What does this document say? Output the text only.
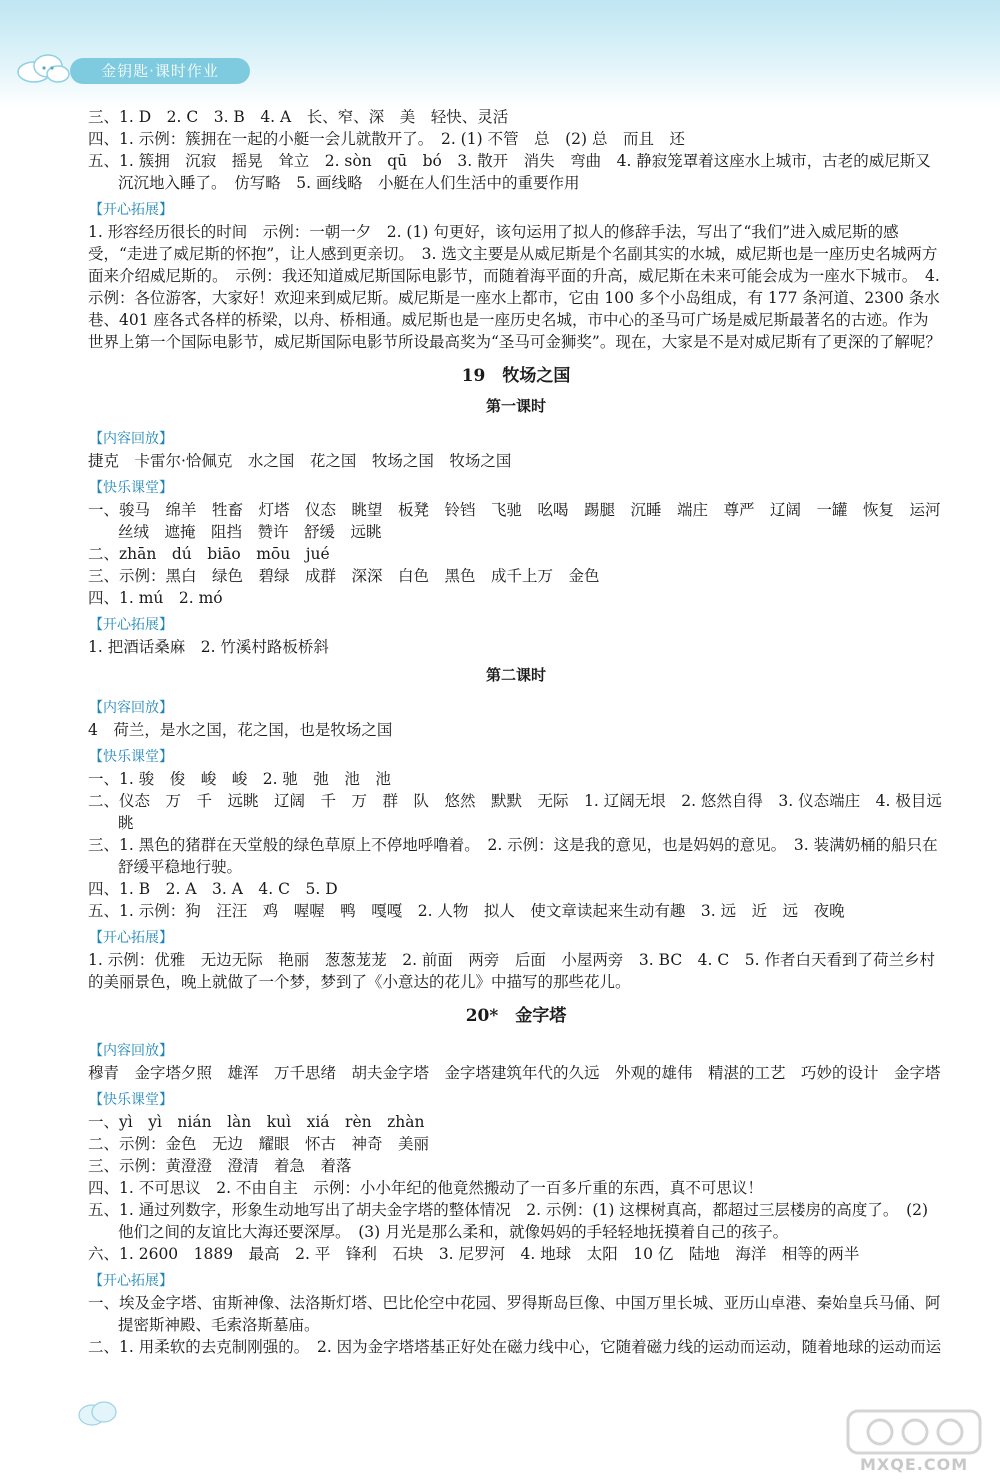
金钥匙·课时作业

三、1. D　2. C　3. B　4. A　长、窄、深　美　轻快、灵活

四、1. 示例：簇拥在一起的小艇一会儿就散开了。　2. (1) 不管　总　(2) 总　而且　还

五、1. 簇拥　沉寂　摇晃　耸立　2. sòn　qū　bó　3. 散开　消失　弯曲　4. 静寂笼罩着这座水上城市，古老的威尼斯又沉沉地入睡了。　仿写略　5. 画线略　小艇在人们生活中的重要作用

【开心拓展】

1. 形容经历很长的时间　示例：一朝一夕　2. (1) 句更好，该句运用了拟人的修辞手法，写出了“我们”进入威尼斯的感受，“走进了威尼斯的怀抱”，让人感到更亲切。　3. 选文主要是从威尼斯是个名副其实的水城，威尼斯也是一座历史名城两方面来介绍威尼斯的。　示例：我还知道威尼斯国际电影节，而随着海平面的升高，威尼斯在未来可能会成为一座水下城市。　4. 示例：各位游客，大家好！欢迎来到威尼斯。威尼斯是一座水上都市，它由 100 多个小岛组成，有 177 条河道、2300 条水巷、401 座各式各样的桥梁，以舟、桥相通。威尼斯也是一座历史名城，市中心的圣马可广场是威尼斯最著名的古迹。作为世界上第一个国际电影节，威尼斯国际电影节所设最高奖为“圣马可金狮奖”。现在，大家是不是对威尼斯有了更深的了解呢？

19　牧场之国
第一课时
【内容回放】

捷克　卡雷尔·恰佩克　水之国　花之国　牧场之国　牧场之国

【快乐课堂】

一、骏马　绵羊　牲畜　灯塔　仪态　眺望　板凳　铃铛　飞驰　吆喝　踢腿　沉睡　端庄　尊严　辽阔　一罐　恢复　运河　丝绒　遮掩　阻挡　赞许　舒缓　远眺

二、zhān　dú　biāo　mōu　jué

三、示例：黑白　绿色　碧绿　成群　深深　白色　黑色　成千上万　金色

四、1. mú　2. mó

【开心拓展】

1. 把酒话桑麻　2. 竹溪村路板桥斜

第二课时
【内容回放】

4　荷兰，是水之国，花之国，也是牧场之国

【快乐课堂】

一、1. 骏　俊　峻　峻　2. 驰　弛　池　池

二、仪态　万　千　远眺　辽阔　千　万　群　队　悠然　默默　无际　1. 辽阔无垠　2. 悠然自得　3. 仪态端庄　4. 极目远眺

三、1. 黑色的猪群在天堂般的绿色草原上不停地呼噜着。　2. 示例：这是我的意见，也是妈妈的意见。　3. 装满奶桶的船只在舒缓平稳地行驶。

四、1. B　2. A　3. A　4. C　5. D

五、1. 示例：狗　汪汪　鸡　喔喔　鸭　嘎嘎　2. 人物　拟人　使文章读起来生动有趣　3. 远　近　远　夜晚

【开心拓展】

1. 示例：优雅　无边无际　艳丽　葱葱茏茏　2. 前面　两旁　后面　小屋两旁　3. BC　4. C　5. 作者白天看到了荷兰乡村的美丽景色，晚上就做了一个梦，梦到了《小意达的花儿》中描写的那些花儿。

20*　金字塔
【内容回放】

穆青　金字塔夕照　雄浑　万千思绪　胡夫金字塔　金字塔建筑年代的久远　外观的雄伟　精湛的工艺　巧妙的设计　金字塔

【快乐课堂】

一、yì　yì　nián　làn　kuì　xiá　rèn　zhàn

二、示例：金色　无边　耀眼　怀古　神奇　美丽

三、示例：黄澄澄　澄清　着急　着落

四、1. 不可思议　2. 不由自主　示例：小小年纪的他竟然搬动了一百多斤重的东西，真不可思议！

五、1. 通过列数字，形象生动地写出了胡夫金字塔的整体情况　2. 示例：(1) 这棵树真高，都超过三层楼房的高度了。　(2) 他们之间的友谊比大海还要深厚。　(3) 月光是那么柔和，就像妈妈的手轻轻地抚摸着自己的孩子。

六、1. 2600　1889　最高　2. 平　锋利　石块　3. 尼罗河　4. 地球　太阳　10 亿　陆地　海洋　相等的两半

【开心拓展】

一、埃及金字塔、宙斯神像、法洛斯灯塔、巴比伦空中花园、罗得斯岛巨像、中国万里长城、亚历山卓港、秦始皇兵马俑、阿提密斯神殿、毛索洛斯墓庙。

二、1. 用柔软的去克制刚强的。　2. 因为金字塔塔基正好处在磁力线中心，它随着磁力线的运动而运动，随着地球的运动而运

MXQE.COM
